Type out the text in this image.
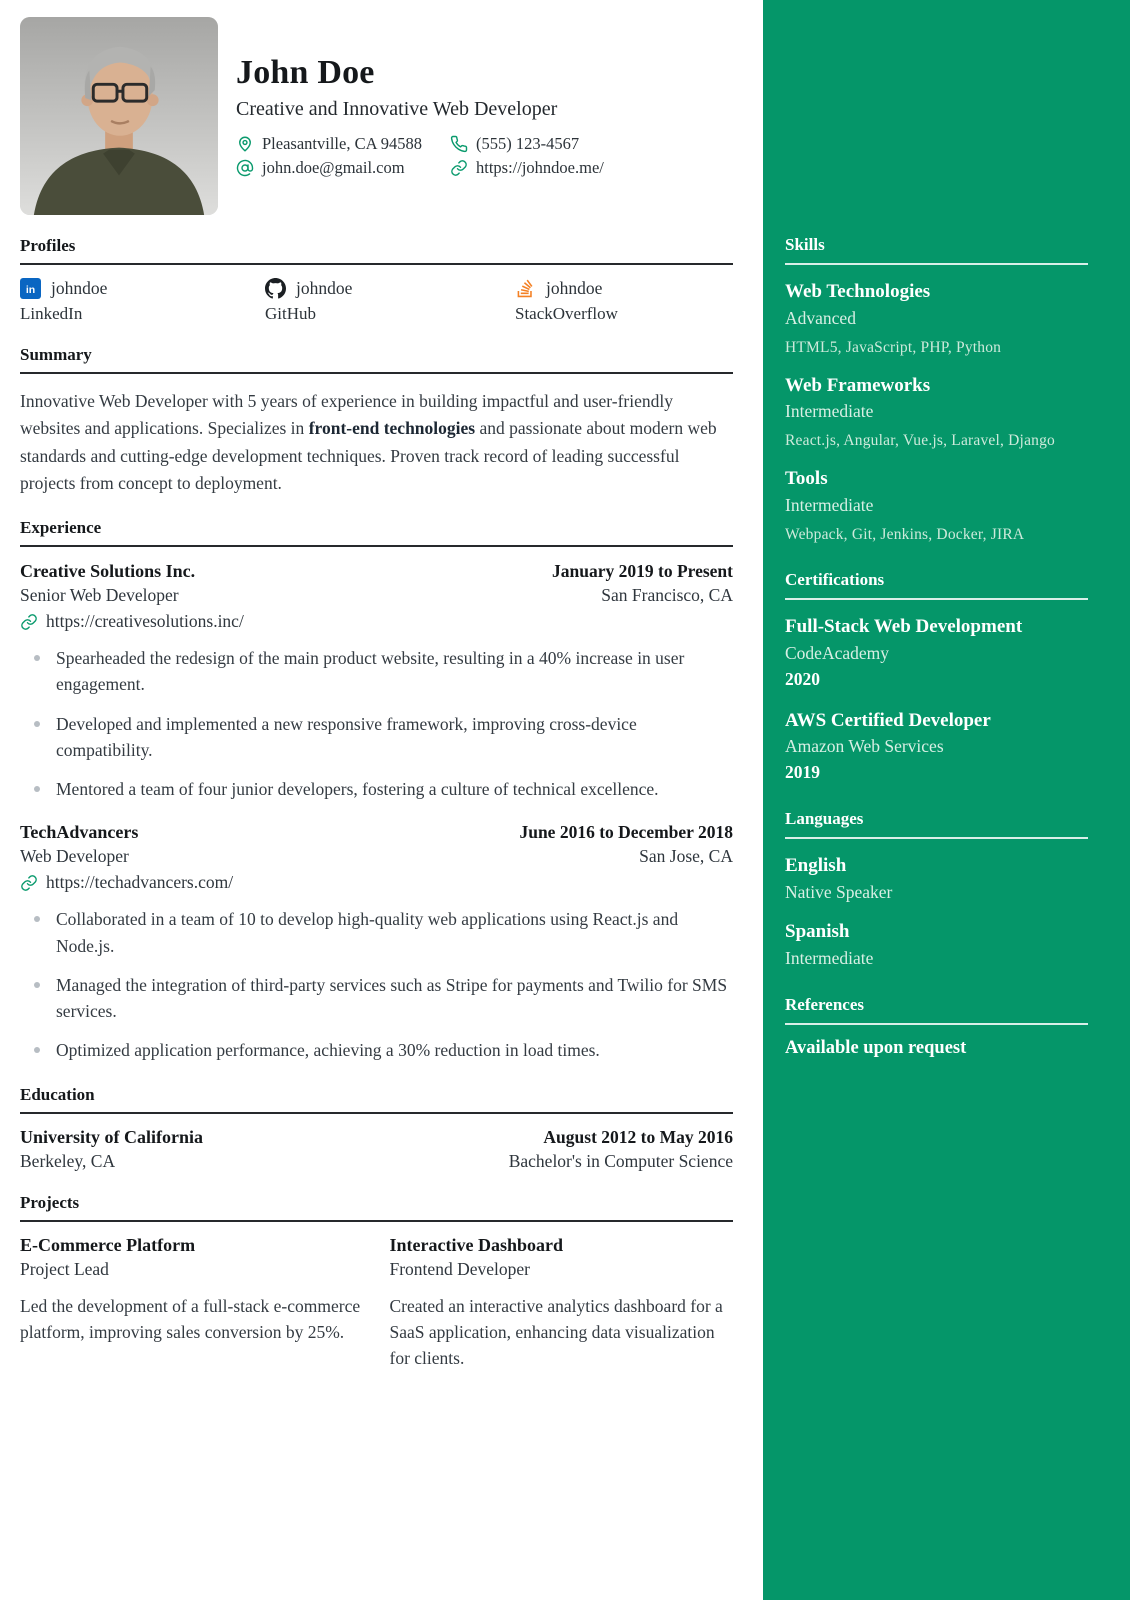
John Doe
Creative and Innovative Web Developer
Pleasantville, CA 94588	(555) 123-4567
john.doe@gmail.com	https://johndoe.me/
Profiles
in johndoe
LinkedIn
johndoe
GitHub
johndoe
StackOverflow
Summary

Innovative Web Developer with 5 years of experience in building impactful and user-friendly websites and applications. Specializes in front-end technologies and passionate about modern web standards and cutting-edge development techniques. Proven track record of leading successful projects from concept to deployment.

Experience
Creative Solutions Inc.	January 2019 to Present
Senior Web Developer	San Francisco, CA
https://creativesolutions.inc/
Spearheaded the redesign of the main product website, resulting in a 40% increase in user engagement.
Developed and implemented a new responsive framework, improving cross-device compatibility.
Mentored a team of four junior developers, fostering a culture of technical excellence.
TechAdvancers	June 2016 to December 2018
Web Developer	San Jose, CA
https://techadvancers.com/
Collaborated in a team of 10 to develop high-quality web applications using React.js and Node.js.
Managed the integration of third-party services such as Stripe for payments and Twilio for SMS services.
Optimized application performance, achieving a 30% reduction in load times.
Education
University of California	August 2012 to May 2016
Berkeley, CA	Bachelor's in Computer Science
Projects
E-Commerce Platform
Project Lead
Led the development of a full-stack e-commerce platform, improving sales conversion by 25%.
Interactive Dashboard
Frontend Developer
Created an interactive analytics dashboard for a SaaS application, enhancing data visualization for clients.
Skills
Web Technologies
Advanced
HTML5, JavaScript, PHP, Python
Web Frameworks
Intermediate
React.js, Angular, Vue.js, Laravel, Django
Tools
Intermediate
Webpack, Git, Jenkins, Docker, JIRA
Certifications
Full-Stack Web Development
CodeAcademy
2020
AWS Certified Developer
Amazon Web Services
2019
Languages
English
Native Speaker
Spanish
Intermediate
References
Available upon request
